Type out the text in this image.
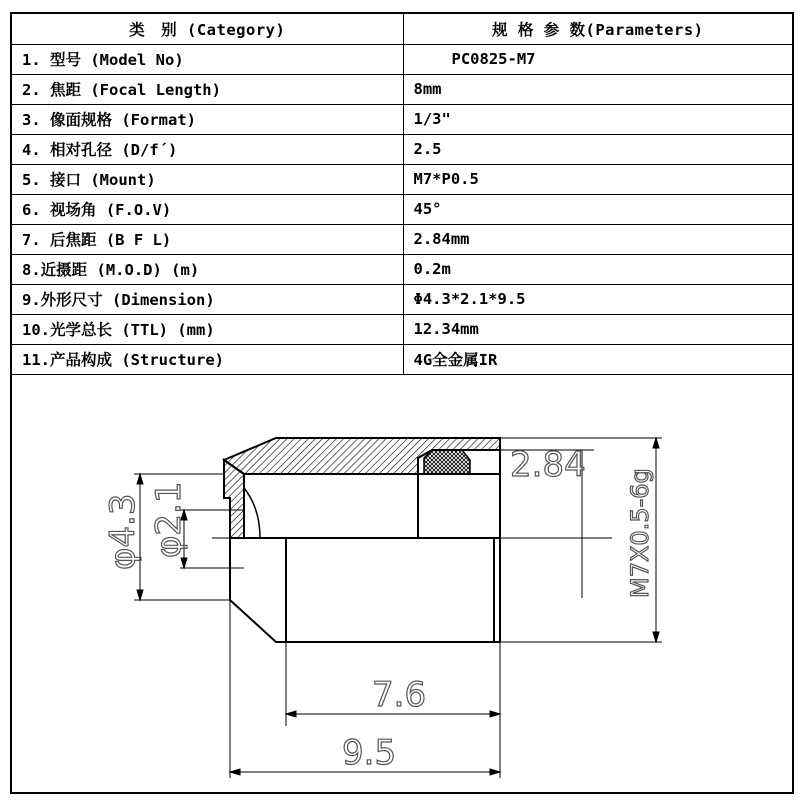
类　别 (Category)	规 格 参 数(Parameters)
1. 型号 (Model No)	PC0825-M7
2. 焦距 (Focal Length)	8mm
3. 像面规格 (Format)	1/3"
4. 相对孔径 (D/f´)	2.5
5. 接口 (Mount)	M7*P0.5
6. 视场角 (F.O.V)	45°
7. 后焦距 (B F L)	2.84mm
8.近摄距 (M.O.D) (m)	0.2m
9.外形尺寸 (Dimension)	Φ4.3*2.1*9.5
10.光学总长 (TTL) (mm)	12.34mm
11.产品构成 (Structure)	4G全金属IR
2.84
φ4.3 φ2.1	M7X0.5-6g
7.6
9.5
